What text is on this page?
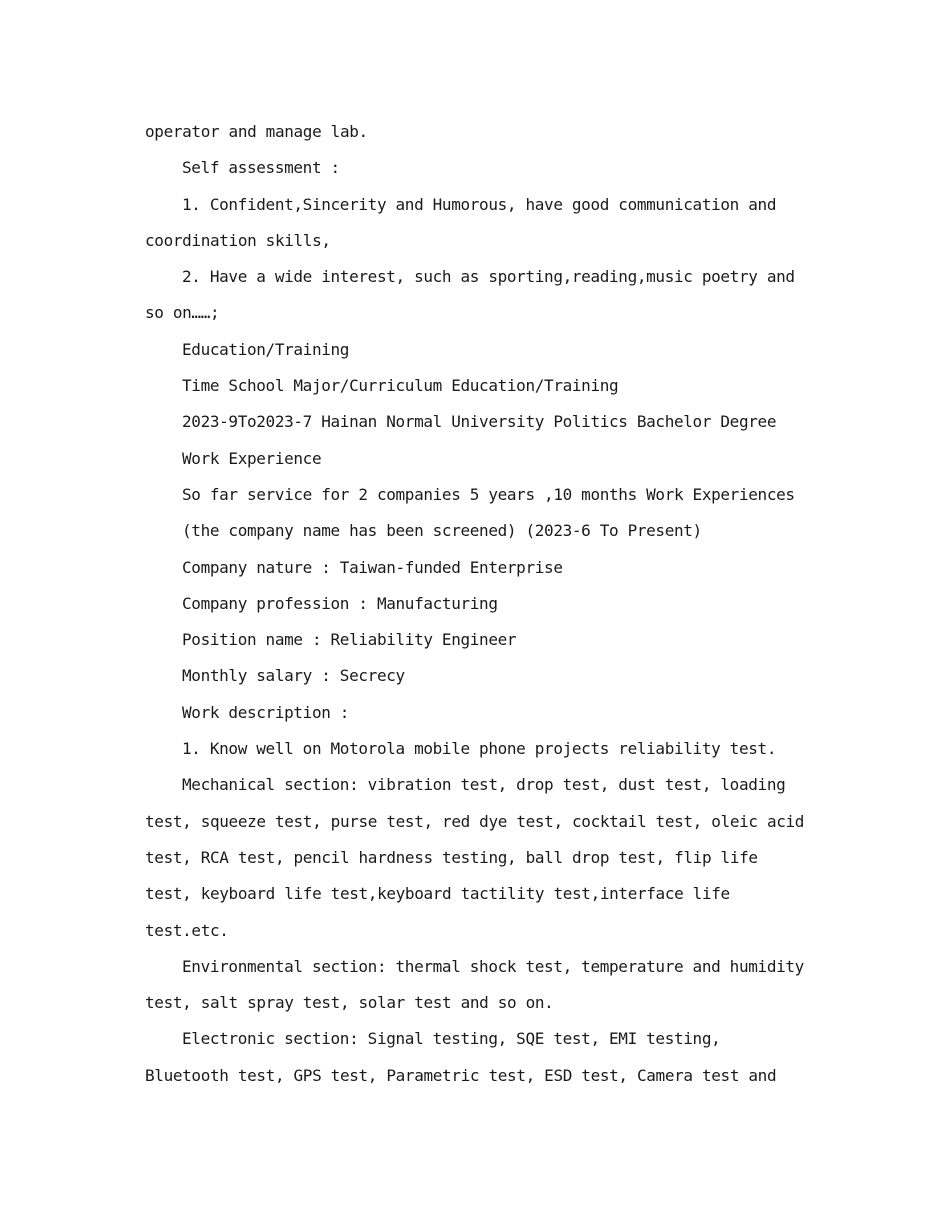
operator and manage lab.
Self assessment :
1. Confident,Sincerity and Humorous, have good communication and
coordination skills,
2. Have a wide interest, such as sporting,reading,music poetry and
so on……;
Education/Training
Time School Major/Curriculum Education/Training
2023-9To2023-7 Hainan Normal University Politics Bachelor Degree
Work Experience
So far service for 2 companies 5 years ,10 months Work Experiences
(the company name has been screened) (2023-6 To Present)
Company nature : Taiwan-funded Enterprise
Company profession : Manufacturing
Position name : Reliability Engineer
Monthly salary : Secrecy
Work description :
1. Know well on Motorola mobile phone projects reliability test.
Mechanical section: vibration test, drop test, dust test, loading
test, squeeze test, purse test, red dye test, cocktail test, oleic acid
test, RCA test, pencil hardness testing, ball drop test, flip life
test, keyboard life test,keyboard tactility test,interface life
test.etc.
Environmental section: thermal shock test, temperature and humidity
test, salt spray test, solar test and so on.
Electronic section: Signal testing, SQE test, EMI testing,
Bluetooth test, GPS test, Parametric test, ESD test, Camera test and
